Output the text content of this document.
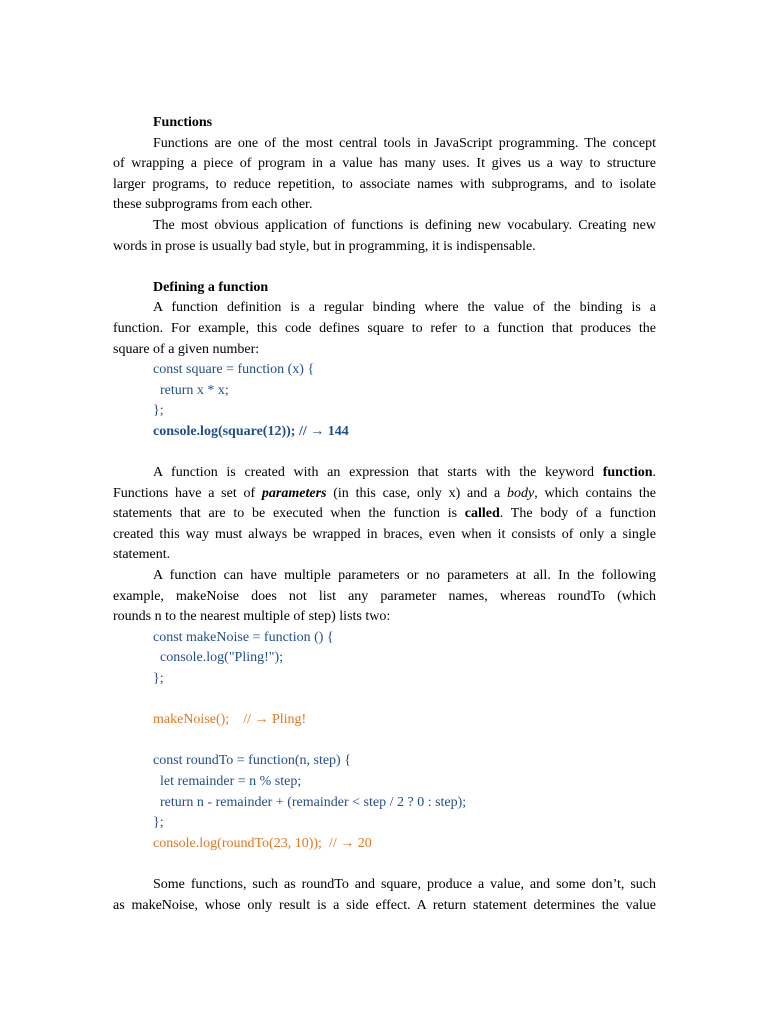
Functions
Functions are one of the most central tools in JavaScript programming. The concept
of wrapping a piece of program in a value has many uses. It gives us a way to structure
larger programs, to reduce repetition, to associate names with subprograms, and to isolate
these subprograms from each other.
The most obvious application of functions is defining new vocabulary. Creating new
words in prose is usually bad style, but in programming, it is indispensable.
Defining a function
A function definition is a regular binding where the value of the binding is a
function. For example, this code defines square to refer to a function that produces the
square of a given number:
const square = function (x) {
return x * x;
};
console.log(square(12)); // → 144
A function is created with an expression that starts with the keyword function.
Functions have a set of parameters (in this case, only x) and a body, which contains the
statements that are to be executed when the function is called. The body of a function
created this way must always be wrapped in braces, even when it consists of only a single
statement.
A function can have multiple parameters or no parameters at all. In the following
example, makeNoise does not list any parameter names, whereas roundTo (which
rounds n to the nearest multiple of step) lists two:
const makeNoise = function () {
console.log("Pling!");
};
makeNoise();    // → Pling!
const roundTo = function(n, step) {
let remainder = n % step;
return n - remainder + (remainder < step / 2 ? 0 : step);
};
console.log(roundTo(23, 10));  // → 20
Some functions, such as roundTo and square, produce a value, and some don’t, such
as makeNoise, whose only result is a side effect. A return statement determines the value
